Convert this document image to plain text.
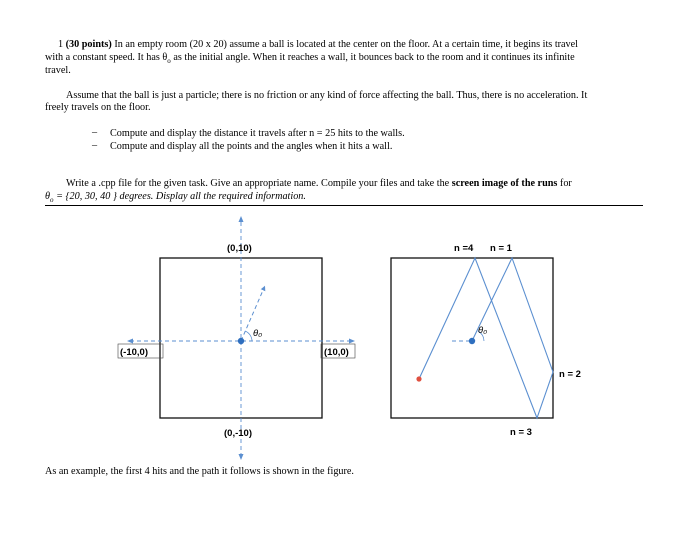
1 (30 points) In an empty room (20 x 20) assume a ball is located at the center on the floor. At a certain time, it begins its travel
with a constant speed. It has $\theta_o$ as the initial angle. When it reaches a wall, it bounces back to the room and it continues its infinite
travel.
Assume that the ball is just a particle; there is no friction or any kind of force affecting the ball. Thus, there is no acceleration. It
freely travels on the floor.
– Compute and display the distance it travels after n = 25 hits to the walls.
– Compute and display all the points and the angles when it hits a wall.
Write a .cpp file for the given task. Give an appropriate name. Compile your files and take the screen image of the runs for
$\theta_o = \{20$, 30, 40 } degrees. Display all the required information.
(0,10)
(0,-10)
(-10,0)	(10,0)
θ₀
n =4 n = 1
n = 2
n = 3
θ₀
As an example, the first 4 hits and the path it follows is shown in the figure.
